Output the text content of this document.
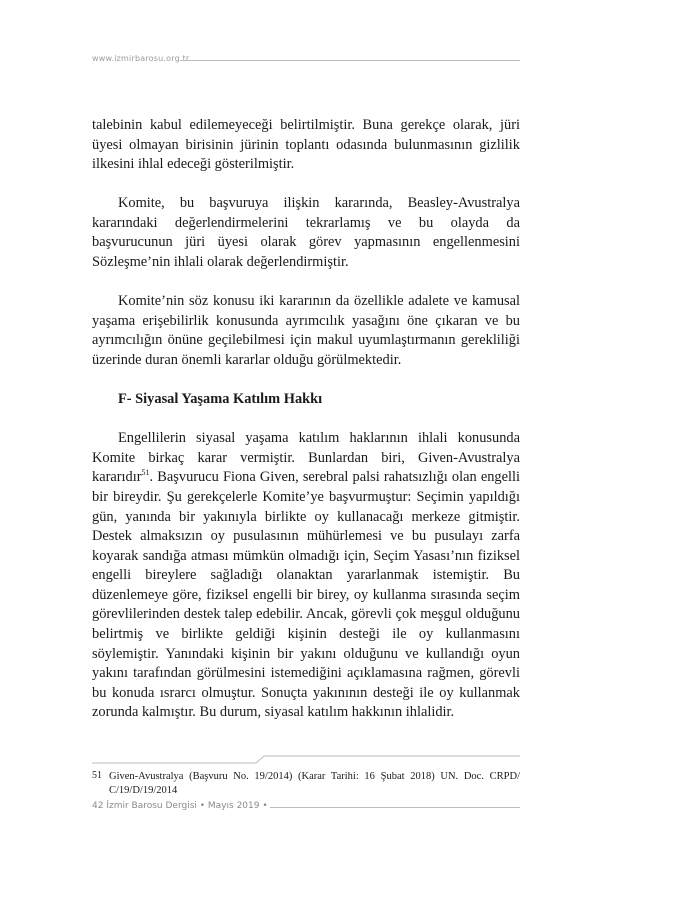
www.izmirbarosu.org.tr

talebinin kabul edilemeyeceği belirtilmiştir. Buna gerekçe olarak, jüri üyesi olmayan birisinin jürinin toplantı odasında bulunmasının gizlilik ilkesini ihlal edeceği gösterilmiştir.

Komite, bu başvuruya ilişkin kararında, Beasley-Avustralya kararındaki değerlendirmelerini tekrarlamış ve bu olayda da başvurucunun jüri üyesi olarak görev yapmasının engellenmesini Sözleşme’nin ihlali olarak değerlendirmiştir.

Komite’nin söz konusu iki kararının da özellikle adalete ve kamusal yaşama erişebilirlik konusunda ayrımcılık yasağını öne çıkaran ve bu ayrımcılığın önüne geçilebilmesi için makul uyumlaştırmanın gerekliliği üzerinde duran önemli kararlar olduğu görülmektedir.

F- Siyasal Yaşama Katılım Hakkı

Engellilerin siyasal yaşama katılım haklarının ihlali konusunda Komite birkaç karar vermiştir. Bunlardan biri, Given-Avustralya kararıdır$^{51}$. Başvurucu Fiona Given, serebral palsi rahatsızlığı olan engelli bir bireydir. Şu gerekçelerle Komite’ye başvurmuştur: Seçimin yapıldığı gün, yanında bir yakınıyla birlikte oy kullanacağı merkeze gitmiştir. Destek almaksızın oy pusulasının mühürlemesi ve bu pusulayı zarfa koyarak sandığa atması mümkün olmadığı için, Seçim Yasası’nın fiziksel engelli bireylere sağladığı olanaktan yararlanmak istemiştir. Bu düzenlemeye göre, fiziksel engelli bir birey, oy kullanma sırasında seçim görevlilerinden destek talep edebilir. Ancak, görevli çok meşgul olduğunu belirtmiş ve birlikte geldiği kişinin desteği ile oy kullanmasını söylemiştir. Yanındaki kişinin bir yakını olduğunu ve kullandığı oyun yakını tarafından görülmesini istemediğini açıklamasına rağmen, görevli bu konuda ısrarcı olmuştur. Sonuçta yakınının desteği ile oy kullanmak zorunda kalmıştır. Bu durum, siyasal katılım hakkının ihlalidir.

51 Given-Avustralya (Başvuru No. 19/2014) (Karar Tarihi: 16 Şubat 2018) UN. Doc. CRPD/ C/19/D/19/2014
42 İzmir Barosu Dergisi • Mayıs 2019 •
